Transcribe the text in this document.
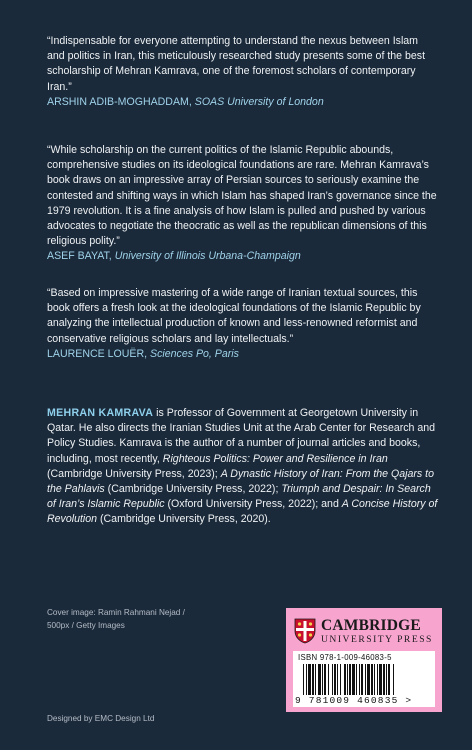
“Indispensable for everyone attempting to understand the nexus between Islam and politics in Iran, this meticulously researched study presents some of the best scholarship of Mehran Kamrava, one of the foremost scholars of contemporary Iran.”

ARSHIN ADIB-MOGHADDAM, SOAS University of London

“While scholarship on the current politics of the Islamic Republic abounds, comprehensive studies on its ideological foundations are rare. Mehran Kamrava’s book draws on an impressive array of Persian sources to seriously examine the contested and shifting ways in which Islam has shaped Iran’s governance since the 1979 revolution. It is a fine analysis of how Islam is pulled and pushed by various advocates to negotiate the theocratic as well as the republican dimensions of this religious polity.”

ASEF BAYAT, University of Illinois Urbana-Champaign

“Based on impressive mastering of a wide range of Iranian textual sources, this book offers a fresh look at the ideological foundations of the Islamic Republic by analyzing the intellectual production of known and less-renowned reformist and conservative religious scholars and lay intellectuals.”

LAURENCE LOUËR, Sciences Po, Paris

MEHRAN KAMRAVA is Professor of Government at Georgetown University in Qatar. He also directs the Iranian Studies Unit at the Arab Center for Research and Policy Studies. Kamrava is the author of a number of journal articles and books, including, most recently, Righteous Politics: Power and Resilience in Iran (Cambridge University Press, 2023); A Dynastic History of Iran: From the Qajars to the Pahlavis (Cambridge University Press, 2022); Triumph and Despair: In Search of Iran’s Islamic Republic (Oxford University Press, 2022); and A Concise History of Revolution (Cambridge University Press, 2020).
Cover image: Ramin Rahmani Nejad /
500px / Getty Images
Designed by EMC Design Ltd
CAMBRIDGE
UNIVERSITY PRESS
ISBN 978-1-009-46083-5
9 781009 460835 >
